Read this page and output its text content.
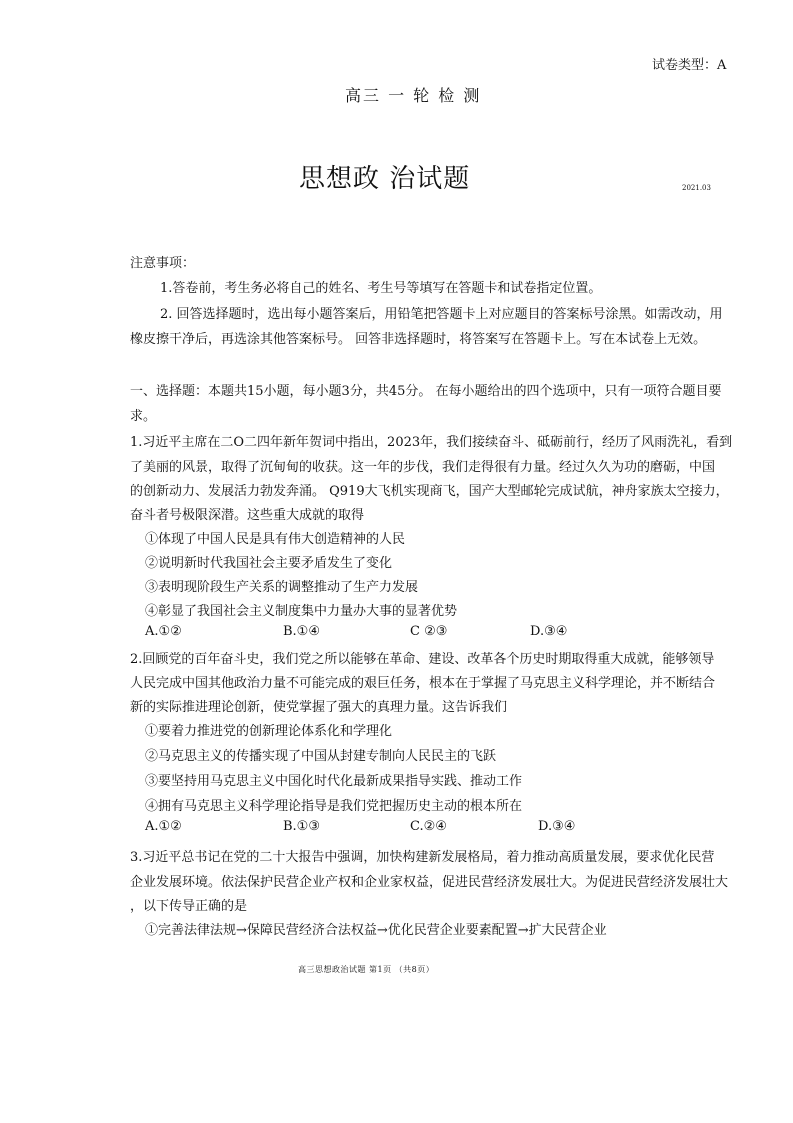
试卷类型：A
高三 一 轮 检 测
思想政 治试题	2021.03
注意事项：
1.答卷前，考生务必将自己的姓名、考生号等填写在答题卡和试卷指定位置。
2. 回答选择题时，选出每小题答案后，用铅笔把答题卡上对应题目的答案标号涂黑。如需改动，用
橡皮擦干净后，再选涂其他答案标号。 回答非选择题时，将答案写在答题卡上。写在本试卷上无效。
一、选择题：本题共15小题，每小题3分，共45分。 在每小题给出的四个选项中，只有一项符合题目要
求。
1.习近平主席在二O二四年新年贺词中指出，2023年，我们接续奋斗、砥砺前行，经历了风雨洗礼，看到
了美丽的风景，取得了沉甸甸的收获。这一年的步伐，我们走得很有力量。经过久久为功的磨砺，中国
的创新动力、发展活力勃发奔涌。 Q919大飞机实现商飞，国产大型邮轮完成试航，神舟家族太空接力，
奋斗者号极限深潜。这些重大成就的取得
①体现了中国人民是具有伟大创造精神的人民
②说明新时代我国社会主要矛盾发生了变化
③表明现阶段生产关系的调整推动了生产力发展
④彰显了我国社会主义制度集中力量办大事的显著优势
A.①②	B.①④	C ②③	D.③④
2.回顾党的百年奋斗史，我们党之所以能够在革命、建设、改革各个历史时期取得重大成就，能够领导
人民完成中国其他政治力量不可能完成的艰巨任务，根本在于掌握了马克思主义科学理论，并不断结合
新的实际推进理论创新，使党掌握了强大的真理力量。这告诉我们
①要着力推进党的创新理论体系化和学理化
②马克思主义的传播实现了中国从封建专制向人民民主的飞跃
③要坚持用马克思主义中国化时代化最新成果指导实践、推动工作
④拥有马克思主义科学理论指导是我们党把握历史主动的根本所在
A.①②	B.①③	C.②④	D.③④
3.习近平总书记在党的二十大报告中强调，加快构建新发展格局，着力推动高质量发展，要求优化民营
企业发展环境。依法保护民营企业产权和企业家权益，促进民营经济发展壮大。为促进民营经济发展壮大
，以下传导正确的是
①完善法律法规→保障民营经济合法权益→优化民营企业要素配置→扩大民营企业
高三思想政治试题 第1页 （共8页）
